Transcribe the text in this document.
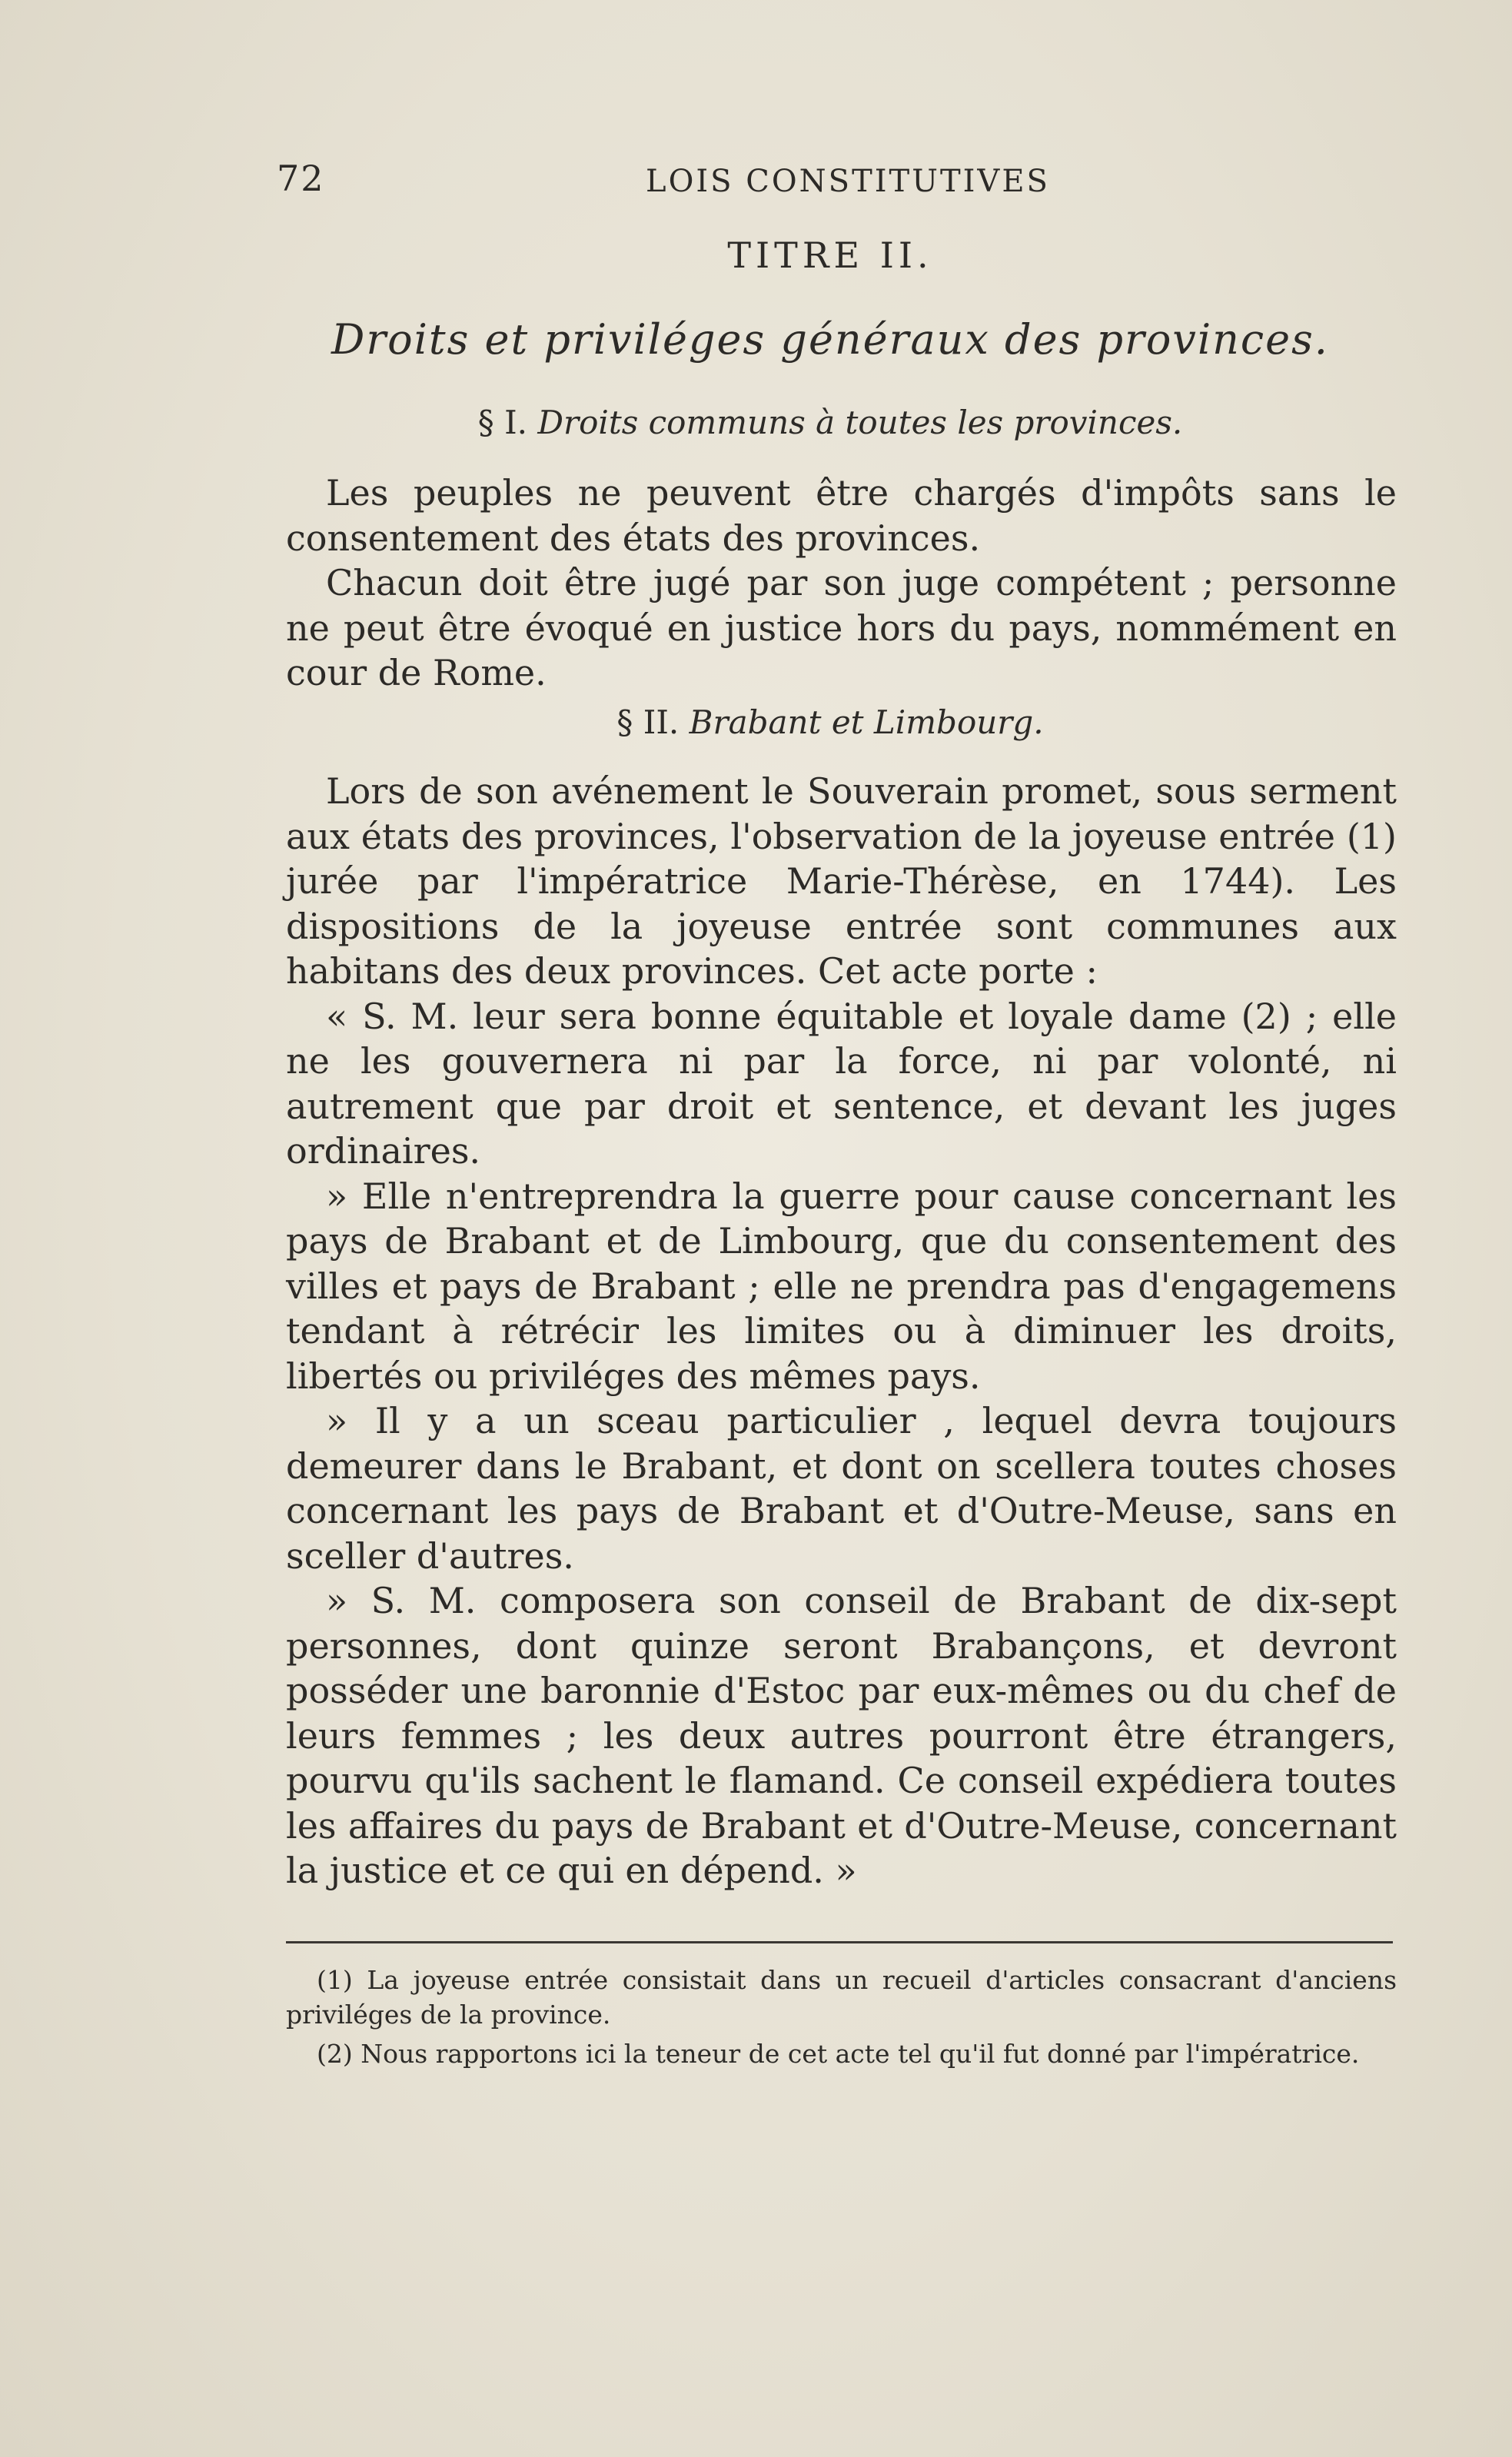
72	LOIS CONSTITUTIVES
TITRE II.
Droits et priviléges généraux des provinces.
§ I. Droits communs à toutes les provinces.

Les peuples ne peuvent être chargés d'impôts sans le consentement des états des provinces.

Chacun doit être jugé par son juge compétent ; personne ne peut être évoqué en justice hors du pays, nommément en cour de Rome.

§ II. Brabant et Limbourg.

Lors de son avénement le Souverain promet, sous serment aux états des provinces, l'observation de la joyeuse entrée (1) jurée par l'impératrice Marie-Thérèse, en 1744). Les dispositions de la joyeuse entrée sont communes aux habitans des deux provinces. Cet acte porte :

« S. M. leur sera bonne équitable et loyale dame (2) ; elle ne les gouvernera ni par la force, ni par volonté, ni autrement que par droit et sentence, et devant les juges ordinaires.

» Elle n'entreprendra la guerre pour cause concernant les pays de Brabant et de Limbourg, que du consentement des villes et pays de Brabant ; elle ne prendra pas d'engagemens tendant à rétrécir les limites ou à diminuer les droits, libertés ou priviléges des mêmes pays.

» Il y a un sceau particulier , lequel devra toujours demeurer dans le Brabant, et dont on scellera toutes choses concernant les pays de Brabant et d'Outre-Meuse, sans en sceller d'autres.

» S. M. composera son conseil de Brabant de dix-sept personnes, dont quinze seront Brabançons, et devront posséder une baronnie d'Estoc par eux-mêmes ou du chef de leurs femmes ; les deux autres pourront être étrangers, pourvu qu'ils sachent le flamand. Ce conseil expédiera toutes les affaires du pays de Brabant et d'Outre-Meuse, concernant la justice et ce qui en dépend. »

(1) La joyeuse entrée consistait dans un recueil d'articles consacrant d'anciens priviléges de la province.

(2) Nous rapportons ici la teneur de cet acte tel qu'il fut donné par l'impératrice.
